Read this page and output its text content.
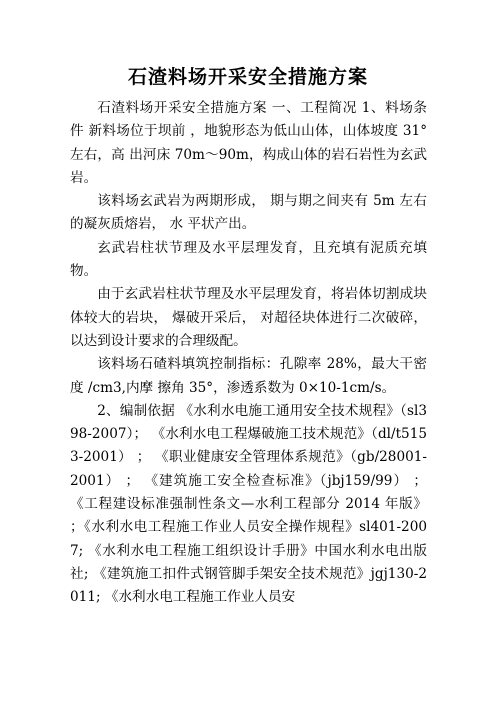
石渣料场开采安全措施方案

石渣料场开采安全措施方案 一、工程简况 1、料场条件 新料场位于坝前 ，地貌形态为低山山体，山体坡度 31°左右，高 出河床 70m～90m，构成山体的岩石岩性为玄武岩。

该料场玄武岩为两期形成， 期与期之间夹有 5m 左右的凝灰质熔岩， 水 平状产出。

玄武岩柱状节理及水平层理发育，且充填有泥质充填物。

由于玄武岩柱状节理及水平层理发育，将岩体切割成块体较大的岩块， 爆破开采后， 对超径块体进行二次破碎，以达到设计要求的合理级配。

该料场石碴料填筑控制指标：孔隙率 28%，最大干密度 /cm3,内摩 擦角 35°，渗透系数为 0×10-1cm/s。

2、编制依据 《水利水电施工通用安全技术规程》（sl398-2007）； 《水利水电工程爆破施工技术规范》（dl/t5153-2001） ； 《职业健康安全管理体系规范》（gb/28001-2001） ； 《建筑施工安全检查标准》（jbj159/99） ；《工程建设标准强制性条文—水利工程部分 2014 年版》 ；《水利水电工程施工作业人员安全操作规程》sl401-2007; 《水利水电工程施工组织设计手册》中国水利水电出版社; 《建筑施工扣件式钢管脚手架安全技术规范》jgj130-2011; 《水利水电工程施工作业人员安
